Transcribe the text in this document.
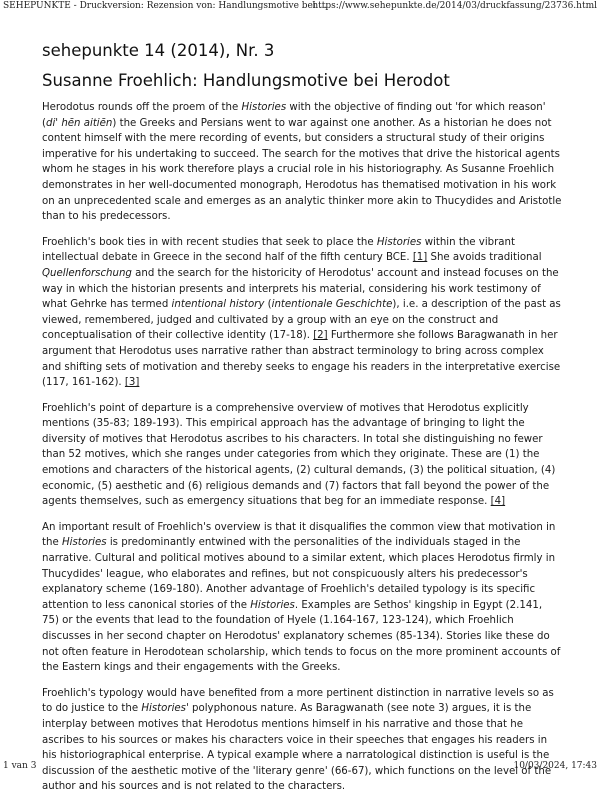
SEHEPUNKTE - Druckversion: Rezension von: Handlungsmotive bei ...
https://www.sehepunkte.de/2014/03/druckfassung/23736.html
sehepunkte 14 (2014), Nr. 3
Susanne Froehlich: Handlungsmotive bei Herodot

Herodotus rounds off the proem of the Histories with the objective of finding out 'for which reason' (di' hēn aitiēn) the Greeks and Persians went to war against one another. As a historian he does not content himself with the mere recording of events, but considers a structural study of their origins imperative for his undertaking to succeed. The search for the motives that drive the historical agents whom he stages in his work therefore plays a crucial role in his historiography. As Susanne Froehlich demonstrates in her well-documented monograph, Herodotus has thematised motivation in his work on an unprecedented scale and emerges as an analytic thinker more akin to Thucydides and Aristotle than to his predecessors.

Froehlich's book ties in with recent studies that seek to place the Histories within the vibrant intellectual debate in Greece in the second half of the fifth century BCE. [1] She avoids traditional Quellenforschung and the search for the historicity of Herodotus' account and instead focuses on the way in which the historian presents and interprets his material, considering his work testimony of what Gehrke has termed intentional history (intentionale Geschichte), i.e. a description of the past as viewed, remembered, judged and cultivated by a group with an eye on the construct and conceptualisation of their collective identity (17-18). [2] Furthermore she follows Baragwanath in her argument that Herodotus uses narrative rather than abstract terminology to bring across complex and shifting sets of motivation and thereby seeks to engage his readers in the interpretative exercise (117, 161-162). [3]

Froehlich's point of departure is a comprehensive overview of motives that Herodotus explicitly mentions (35-83; 189-193). This empirical approach has the advantage of bringing to light the diversity of motives that Herodotus ascribes to his characters. In total she distinguishing no fewer than 52 motives, which she ranges under categories from which they originate. These are (1) the emotions and characters of the historical agents, (2) cultural demands, (3) the political situation, (4) economic, (5) aesthetic and (6) religious demands and (7) factors that fall beyond the power of the agents themselves, such as emergency situations that beg for an immediate response. [4]

An important result of Froehlich's overview is that it disqualifies the common view that motivation in the Histories is predominantly entwined with the personalities of the individuals staged in the narrative. Cultural and political motives abound to a similar extent, which places Herodotus firmly in Thucydides' league, who elaborates and refines, but not conspicuously alters his predecessor's explanatory scheme (169-180). Another advantage of Froehlich's detailed typology is its specific attention to less canonical stories of the Histories. Examples are Sethos' kingship in Egypt (2.141, 75) or the events that lead to the foundation of Hyele (1.164-167, 123-124), which Froehlich discusses in her second chapter on Herodotus' explanatory schemes (85-134). Stories like these do not often feature in Herodotean scholarship, which tends to focus on the more prominent accounts of the Eastern kings and their engagements with the Greeks.

Froehlich's typology would have benefited from a more pertinent distinction in narrative levels so as to do justice to the Histories' polyphonous nature. As Baragwanath (see note 3) argues, it is the interplay between motives that Herodotus mentions himself in his narrative and those that he ascribes to his sources or makes his characters voice in their speeches that engages his readers in his historiographical enterprise. A typical example where a narratological distinction is useful is the discussion of the aesthetic motive of the 'literary genre' (66-67), which functions on the level of the author and his sources and is not related to the characters.

1 van 3	10/03/2024, 17:43
